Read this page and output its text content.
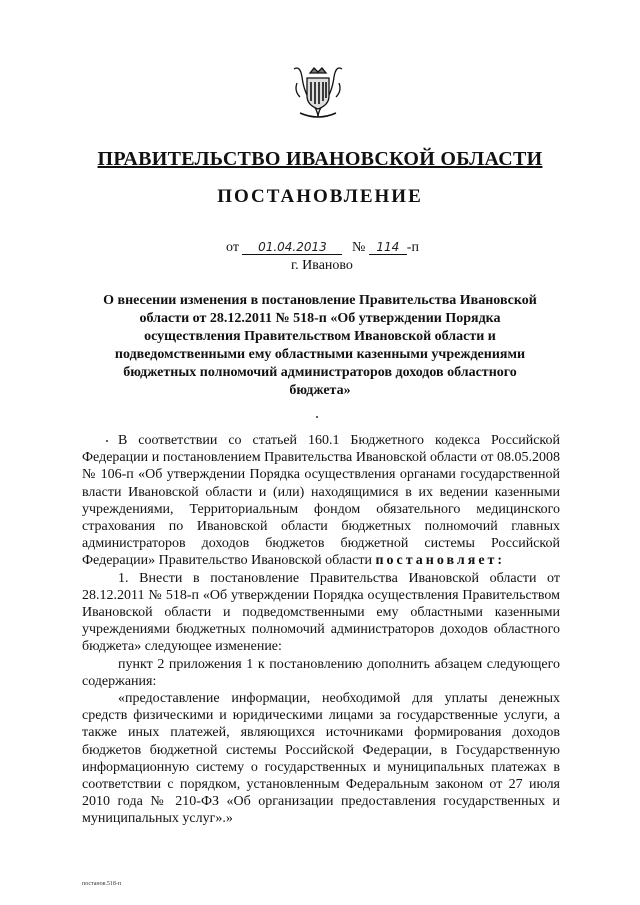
ПРАВИТЕЛЬСТВО ИВАНОВСКОЙ ОБЛАСТИ
ПОСТАНОВЛЕНИЕ
от 01.04.2013 № 114 -п
г. Иваново
О внесении изменения в постановление Правительства Ивановской области от 28.12.2011 № 518-п «Об утверждении Порядка осуществления Правительством Ивановской области и подведомственными ему областными казенными учреждениями бюджетных полномочий администраторов доходов областного бюджета»

В соответствии со статьей 160.1 Бюджетного кодекса Российской Федерации и постановлением Правительства Ивановской области от 08.05.2008 № 106-п «Об утверждении Порядка осуществления органами государственной власти Ивановской области и (или) находящимися в их ведении казенными учреждениями, Территориальным фондом обязательного медицинского страхования по Ивановской области бюджетных полномочий главных администраторов доходов бюджетов бюджетной системы Российской Федерации» Правительство Ивановской области постановляет:

1. Внести в постановление Правительства Ивановской области от 28.12.2011 № 518-п «Об утверждении Порядка осуществления Правительством Ивановской области и подведомственными ему областными казенными учреждениями бюджетных полномочий администраторов доходов областного бюджета» следующее изменение:

пункт 2 приложения 1 к постановлению дополнить абзацем следующего содержания:

«предоставление информации, необходимой для уплаты денежных средств физическими и юридическими лицами за государственные услуги, а также иных платежей, являющихся источниками формирования доходов бюджетов бюджетной системы Российской Федерации, в Государственную информационную систему о государственных и муниципальных платежах в соответствии с порядком, установленным Федеральным законом от 27 июля 2010 года № 210-ФЗ «Об организации предоставления государственных и муниципальных услуг».»

постанов.518-п
